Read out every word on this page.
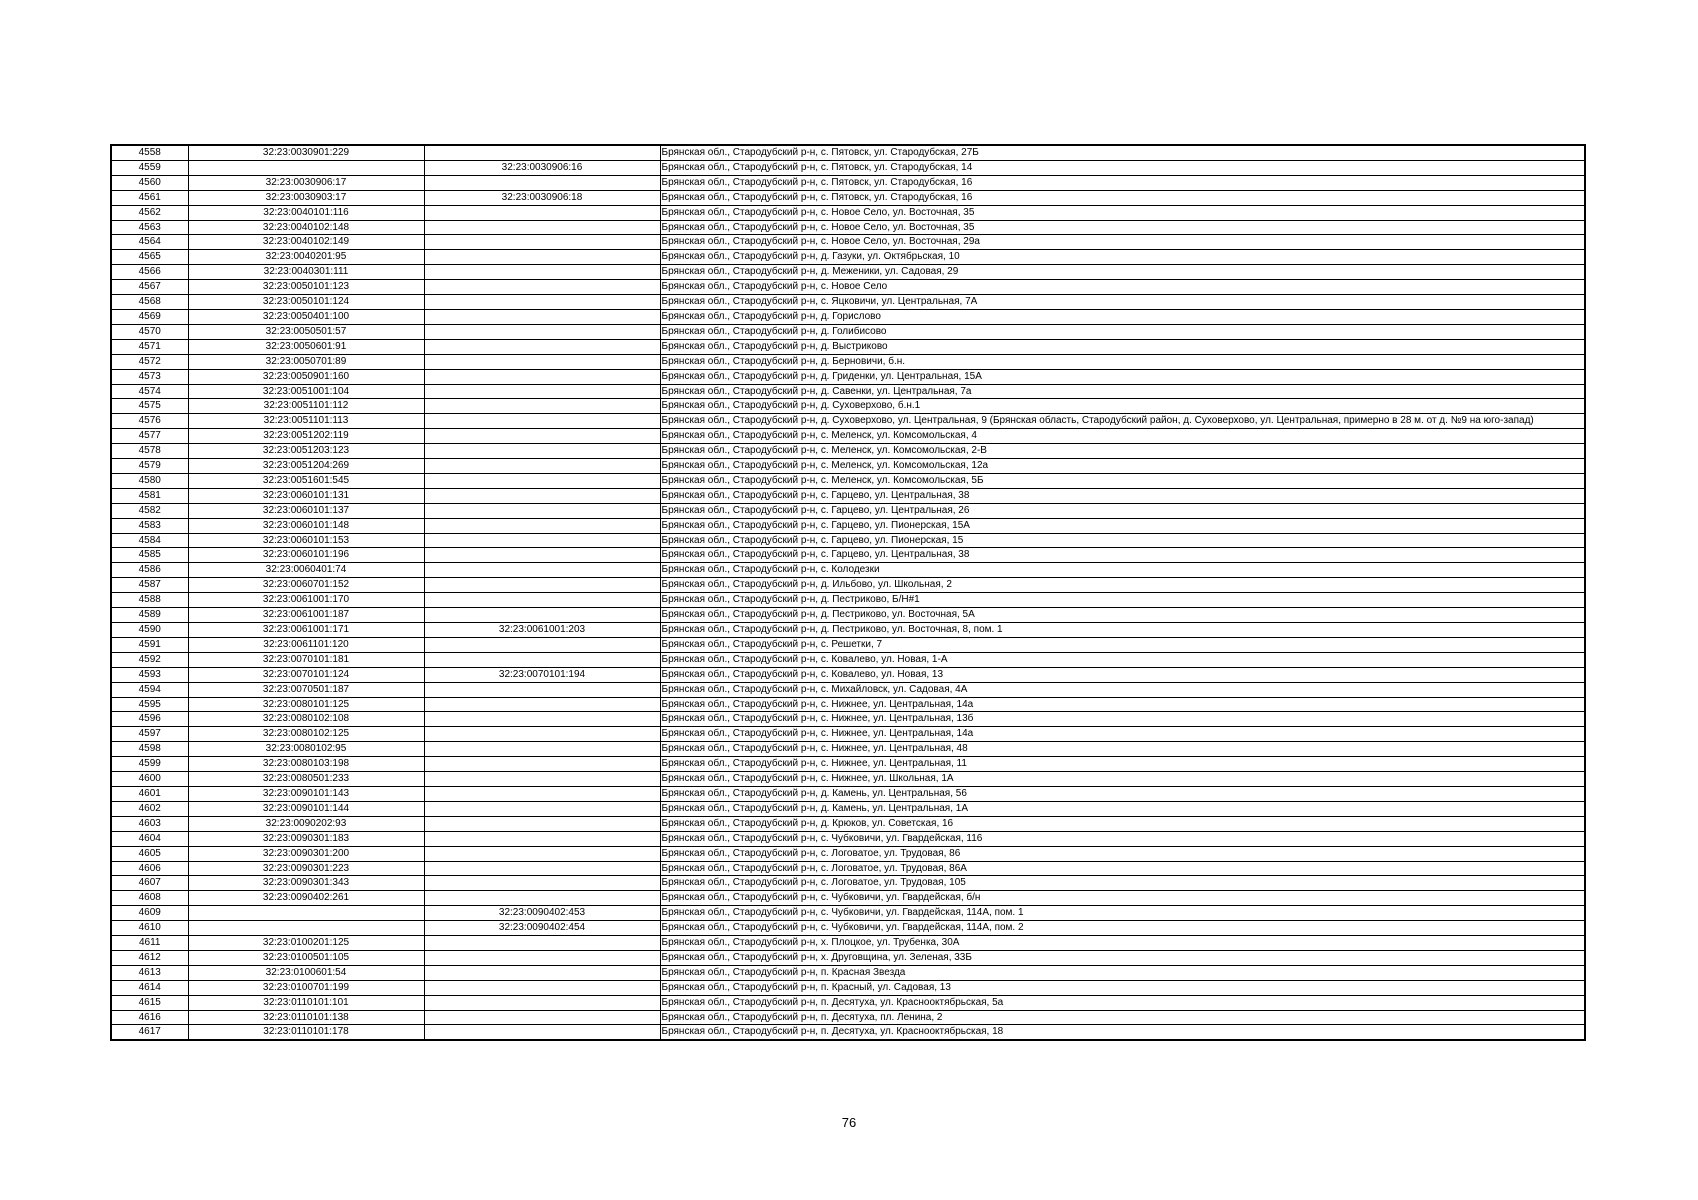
4558	32:23:0030901:229		Брянская обл., Стародубский р-н, с. Пятовск, ул. Стародубская, 27Б
4559		32:23:0030906:16	Брянская обл., Стародубский р-н, с. Пятовск, ул. Стародубская, 14
4560	32:23:0030906:17		Брянская обл., Стародубский р-н, с. Пятовск, ул. Стародубская, 16
4561	32:23:0030903:17	32:23:0030906:18	Брянская обл., Стародубский р-н, с. Пятовск, ул. Стародубская, 16
4562	32:23:0040101:116		Брянская обл., Стародубский р-н, с. Новое Село, ул. Восточная, 35
4563	32:23:0040102:148		Брянская обл., Стародубский р-н, с. Новое Село, ул. Восточная, 35
4564	32:23:0040102:149		Брянская обл., Стародубский р-н, с. Новое Село, ул. Восточная, 29а
4565	32:23:0040201:95		Брянская обл., Стародубский р-н, д. Газуки, ул. Октябрьская, 10
4566	32:23:0040301:111		Брянская обл., Стародубский р-н, д. Меженики, ул. Садовая, 29
4567	32:23:0050101:123		Брянская обл., Стародубский р-н, с. Новое Село
4568	32:23:0050101:124		Брянская обл., Стародубский р-н, с. Яцковичи, ул. Центральная, 7А
4569	32:23:0050401:100		Брянская обл., Стародубский р-н, д. Горислово
4570	32:23:0050501:57		Брянская обл., Стародубский р-н, д. Голибисово
4571	32:23:0050601:91		Брянская обл., Стародубский р-н, д. Выстриково
4572	32:23:0050701:89		Брянская обл., Стародубский р-н, д. Берновичи, б.н.
4573	32:23:0050901:160		Брянская обл., Стародубский р-н, д. Гриденки, ул. Центральная, 15А
4574	32:23:0051001:104		Брянская обл., Стародубский р-н, д. Савенки, ул. Центральная, 7а
4575	32:23:0051101:112		Брянская обл., Стародубский р-н, д. Суховерхово, б.н.1
4576	32:23:0051101:113		Брянская обл., Стародубский р-н, д. Суховерхово, ул. Центральная, 9 (Брянская область, Стародубский район, д. Суховерхово, ул. Центральная, примерно в 28 м. от д. №9 на юго-запад)
4577	32:23:0051202:119		Брянская обл., Стародубский р-н, с. Меленск, ул. Комсомольская, 4
4578	32:23:0051203:123		Брянская обл., Стародубский р-н, с. Меленск, ул. Комсомольская, 2-В
4579	32:23:0051204:269		Брянская обл., Стародубский р-н, с. Меленск, ул. Комсомольская, 12а
4580	32:23:0051601:545		Брянская обл., Стародубский р-н, с. Меленск, ул. Комсомольская, 5Б
4581	32:23:0060101:131		Брянская обл., Стародубский р-н, с. Гарцево, ул. Центральная, 38
4582	32:23:0060101:137		Брянская обл., Стародубский р-н, с. Гарцево, ул. Центральная, 26
4583	32:23:0060101:148		Брянская обл., Стародубский р-н, с. Гарцево, ул. Пионерская, 15А
4584	32:23:0060101:153		Брянская обл., Стародубский р-н, с. Гарцево, ул. Пионерская, 15
4585	32:23:0060101:196		Брянская обл., Стародубский р-н, с. Гарцево, ул. Центральная, 38
4586	32:23:0060401:74		Брянская обл., Стародубский р-н, с. Колодезки
4587	32:23:0060701:152		Брянская обл., Стародубский р-н, д. Ильбово, ул. Школьная, 2
4588	32:23:0061001:170		Брянская обл., Стародубский р-н, д. Пестриково, Б/Н#1
4589	32:23:0061001:187		Брянская обл., Стародубский р-н, д. Пестриково, ул. Восточная, 5А
4590	32:23:0061001:171	32:23:0061001:203	Брянская обл., Стародубский р-н, д. Пестриково, ул. Восточная, 8, пом. 1
4591	32:23:0061101:120		Брянская обл., Стародубский р-н, с. Решетки, 7
4592	32:23:0070101:181		Брянская обл., Стародубский р-н, с. Ковалево, ул. Новая, 1-А
4593	32:23:0070101:124	32:23:0070101:194	Брянская обл., Стародубский р-н, с. Ковалево, ул. Новая, 13
4594	32:23:0070501:187		Брянская обл., Стародубский р-н, с. Михайловск, ул. Садовая, 4А
4595	32:23:0080101:125		Брянская обл., Стародубский р-н, с. Нижнее, ул. Центральная, 14а
4596	32:23:0080102:108		Брянская обл., Стародубский р-н, с. Нижнее, ул. Центральная, 13б
4597	32:23:0080102:125		Брянская обл., Стародубский р-н, с. Нижнее, ул. Центральная, 14а
4598	32:23:0080102:95		Брянская обл., Стародубский р-н, с. Нижнее, ул. Центральная, 48
4599	32:23:0080103:198		Брянская обл., Стародубский р-н, с. Нижнее, ул. Центральная, 11
4600	32:23:0080501:233		Брянская обл., Стародубский р-н, с. Нижнее, ул. Школьная, 1А
4601	32:23:0090101:143		Брянская обл., Стародубский р-н, д. Камень, ул. Центральная, 56
4602	32:23:0090101:144		Брянская обл., Стародубский р-н, д. Камень, ул. Центральная, 1А
4603	32:23:0090202:93		Брянская обл., Стародубский р-н, д. Крюков, ул. Советская, 16
4604	32:23:0090301:183		Брянская обл., Стародубский р-н, с. Чубковичи, ул. Гвардейская, 116
4605	32:23:0090301:200		Брянская обл., Стародубский р-н, с. Логоватое, ул. Трудовая, 86
4606	32:23:0090301:223		Брянская обл., Стародубский р-н, с. Логоватое, ул. Трудовая, 86А
4607	32:23:0090301:343		Брянская обл., Стародубский р-н, с. Логоватое, ул. Трудовая, 105
4608	32:23:0090402:261		Брянская обл., Стародубский р-н, с. Чубковичи, ул. Гвардейская, б/н
4609		32:23:0090402:453	Брянская обл., Стародубский р-н, с. Чубковичи, ул. Гвардейская, 114А, пом. 1
4610		32:23:0090402:454	Брянская обл., Стародубский р-н, с. Чубковичи, ул. Гвардейская, 114А, пом. 2
4611	32:23:0100201:125		Брянская обл., Стародубский р-н, х. Плоцкое, ул. Трубенка, 30А
4612	32:23:0100501:105		Брянская обл., Стародубский р-н, х. Друговщина, ул. Зеленая, 33Б
4613	32:23:0100601:54		Брянская обл., Стародубский р-н, п. Красная Звезда
4614	32:23:0100701:199		Брянская обл., Стародубский р-н, п. Красный, ул. Садовая, 13
4615	32:23:0110101:101		Брянская обл., Стародубский р-н, п. Десятуха, ул. Краснооктябрьская, 5а
4616	32:23:0110101:138		Брянская обл., Стародубский р-н, п. Десятуха, пл. Ленина, 2
4617	32:23:0110101:178		Брянская обл., Стародубский р-н, п. Десятуха, ул. Краснооктябрьская, 18
76
